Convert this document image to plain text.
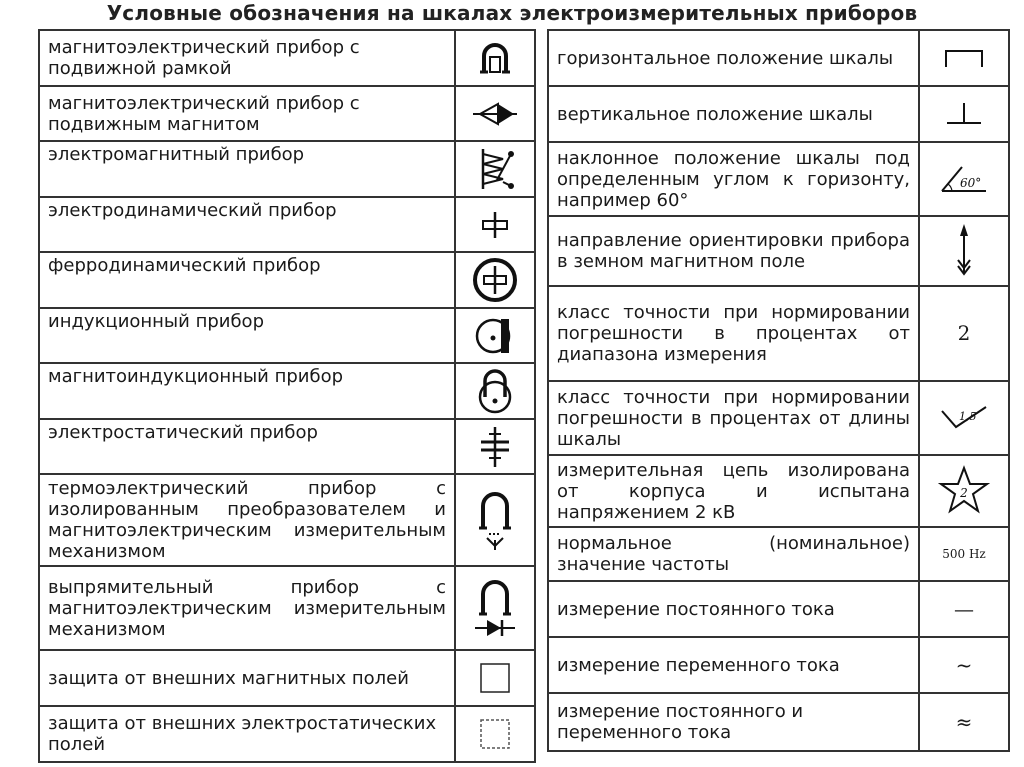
Условные обозначения на шкалах электроизмерительных приборов
магнитоэлектрический прибор с подвижной рамкой	

магнитоэлектрический прибор с подвижным магнитом	

электромагнитный прибор	

электродинамический прибор	

ферродинамический прибор	

индукционный прибор	

магнитоиндукционный прибор	

электростатический прибор	

термоэлектрический прибор с изолированным преобразователем и магнитоэлектрическим измерительным механизмом	

выпрямительный прибор с магнитоэлектрическим измерительным механизмом	

защита от внешних магнитных полей	

защита от внешних электростатических полей	
горизонтальное положение шкалы	

вертикальное положение шкалы	

наклонное положение шкалы под определенным углом к горизонту, например 60°	60°

направление ориентировки прибора в земном магнитном поле	

класс точности при нормировании погрешности в процентах от диапазона измерения	2
класс точности при нормировании погрешности в процентах от длины шкалы	1,5

измерительная цепь изолирована от корпуса и испытана напряжением 2 кВ	2

нормальное (номинальное) значение частоты	500 Hz
измерение постоянного тока	—
измерение переменного тока	~
измерение постоянного и переменного тока	≈
